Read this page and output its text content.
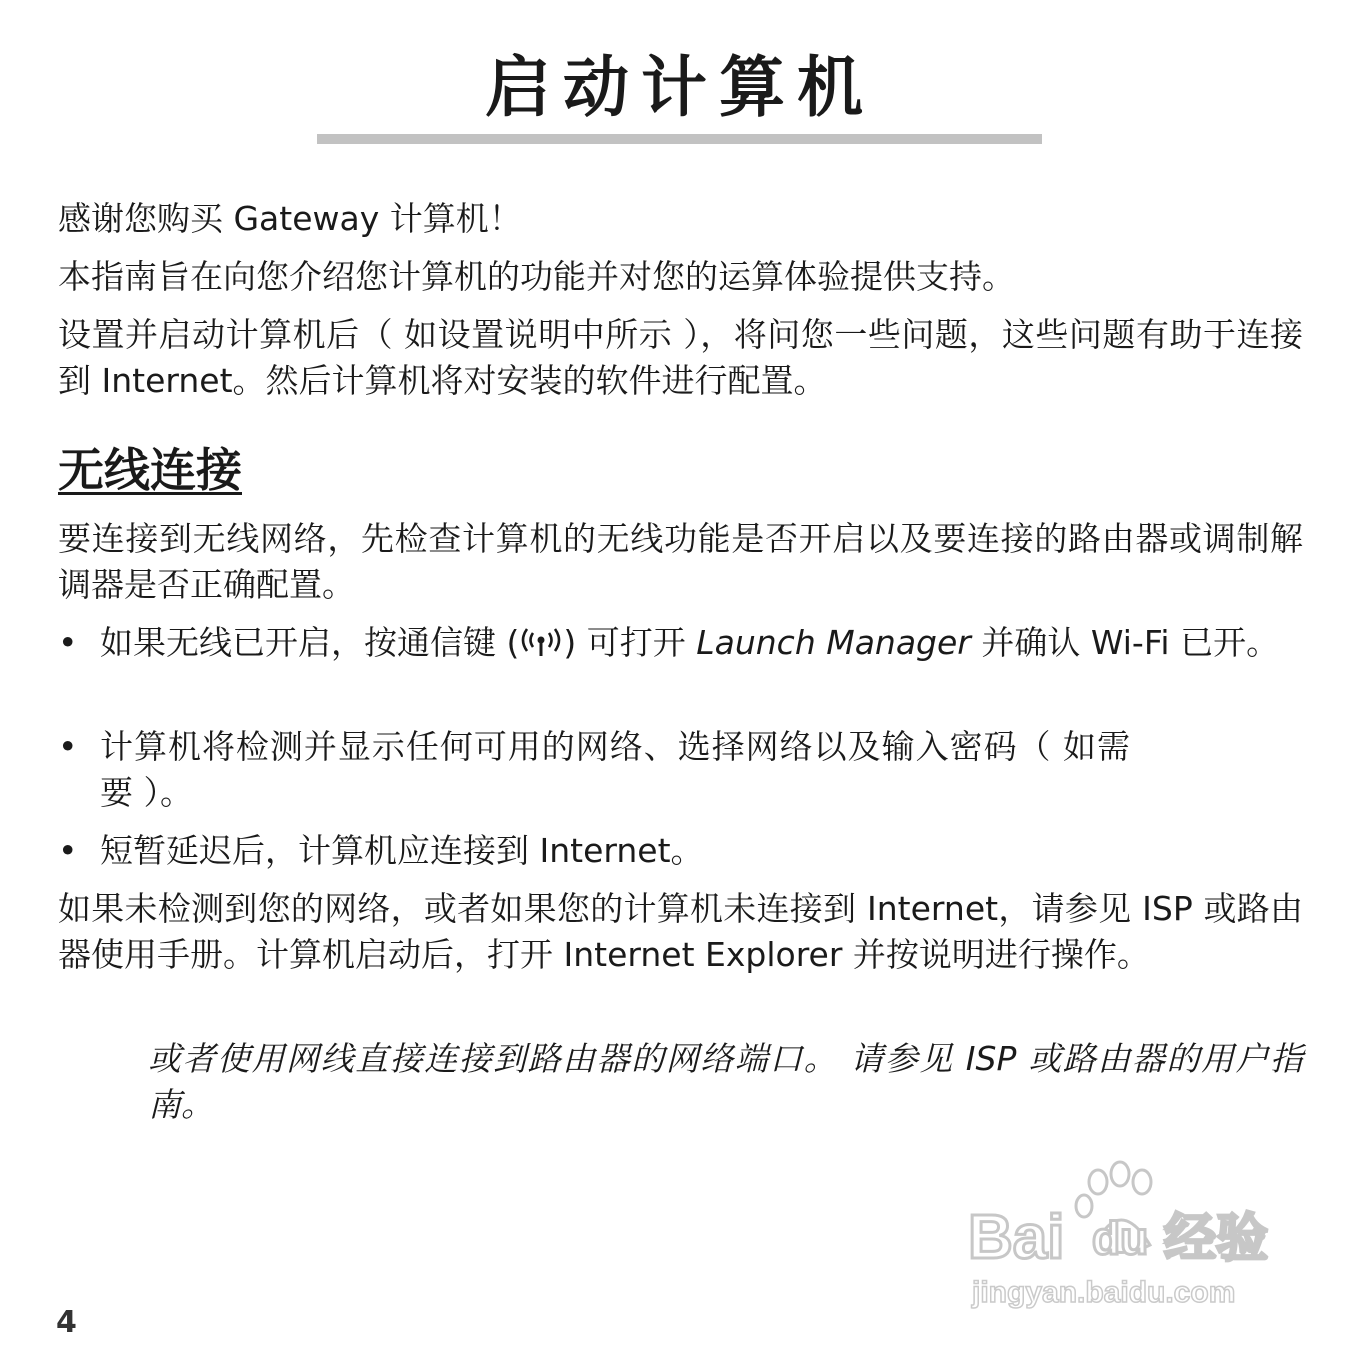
启动计算机

感谢您购买 Gateway 计算机！

本指南旨在向您介绍您计算机的功能并对您的运算体验提供支持。

设置并启动计算机后（ 如设置说明中所示 ），将问您一些问题，这些问题有助于连接到 Internet。然后计算机将对安装的软件进行配置。

无线连接

要连接到无线网络，先检查计算机的无线功能是否开启以及要连接的路由器或调制解调器是否正确配置。

• 如果无线已开启，按通信键 ( ) 可打开 Launch Manager 并确认 Wi-Fi 已开。
• 计算机将检测并显示任何可用的网络、选择网络以及输入密码（ 如需要 ）。
• 短暂延迟后，计算机应连接到 Internet。

如果未检测到您的网络，或者如果您的计算机未连接到 Internet，请参见 ISP 或路由器使用手册。计算机启动后，打开 Internet Explorer 并按说明进行操作。

或者使用网线直接连接到路由器的网络端口。 请参见 ISP 或路由器的用户指南。

4
Bai du 经验
jingyan.baidu.com
